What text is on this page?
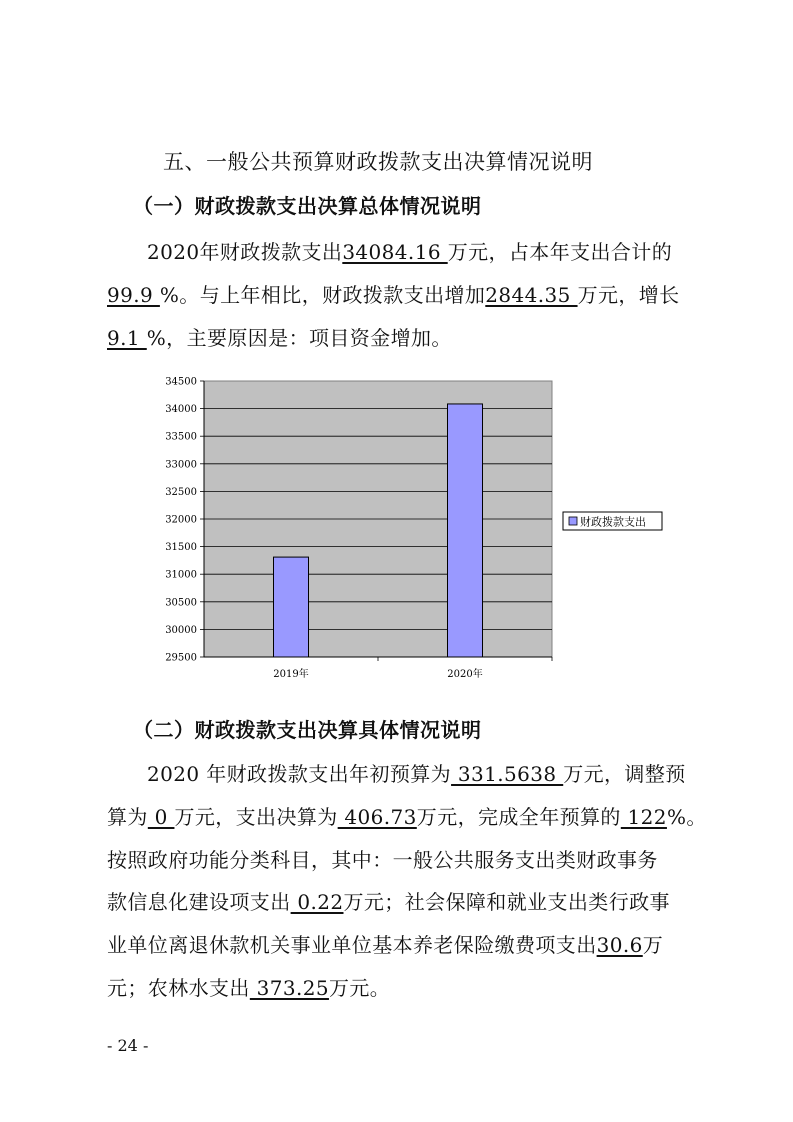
五、一般公共预算财政拨款支出决算情况说明
（一）财政拨款支出决算总体情况说明
2020年财政拨款支出34084.16 万元，占本年支出合计的
99.9 %。与上年相比，财政拨款支出增加2844.35 万元，增长
9.1 %，主要原因是：项目资金增加。
34500
34000
33500
33000
32500
32000
31500
31000
30500
30000
29500
2019年	2020年
财政拨款支出
（二）财政拨款支出决算具体情况说明
2020 年财政拨款支出年初预算为 331.5638 万元，调整预
算为 0 万元，支出决算为 406.73万元，完成全年预算的 122%。
按照政府功能分类科目，其中：一般公共服务支出类财政事务
款信息化建设项支出 0.22万元；社会保障和就业支出类行政事
业单位离退休款机关事业单位基本养老保险缴费项支出30.6万
元；农林水支出 373.25万元。
- 24 -
